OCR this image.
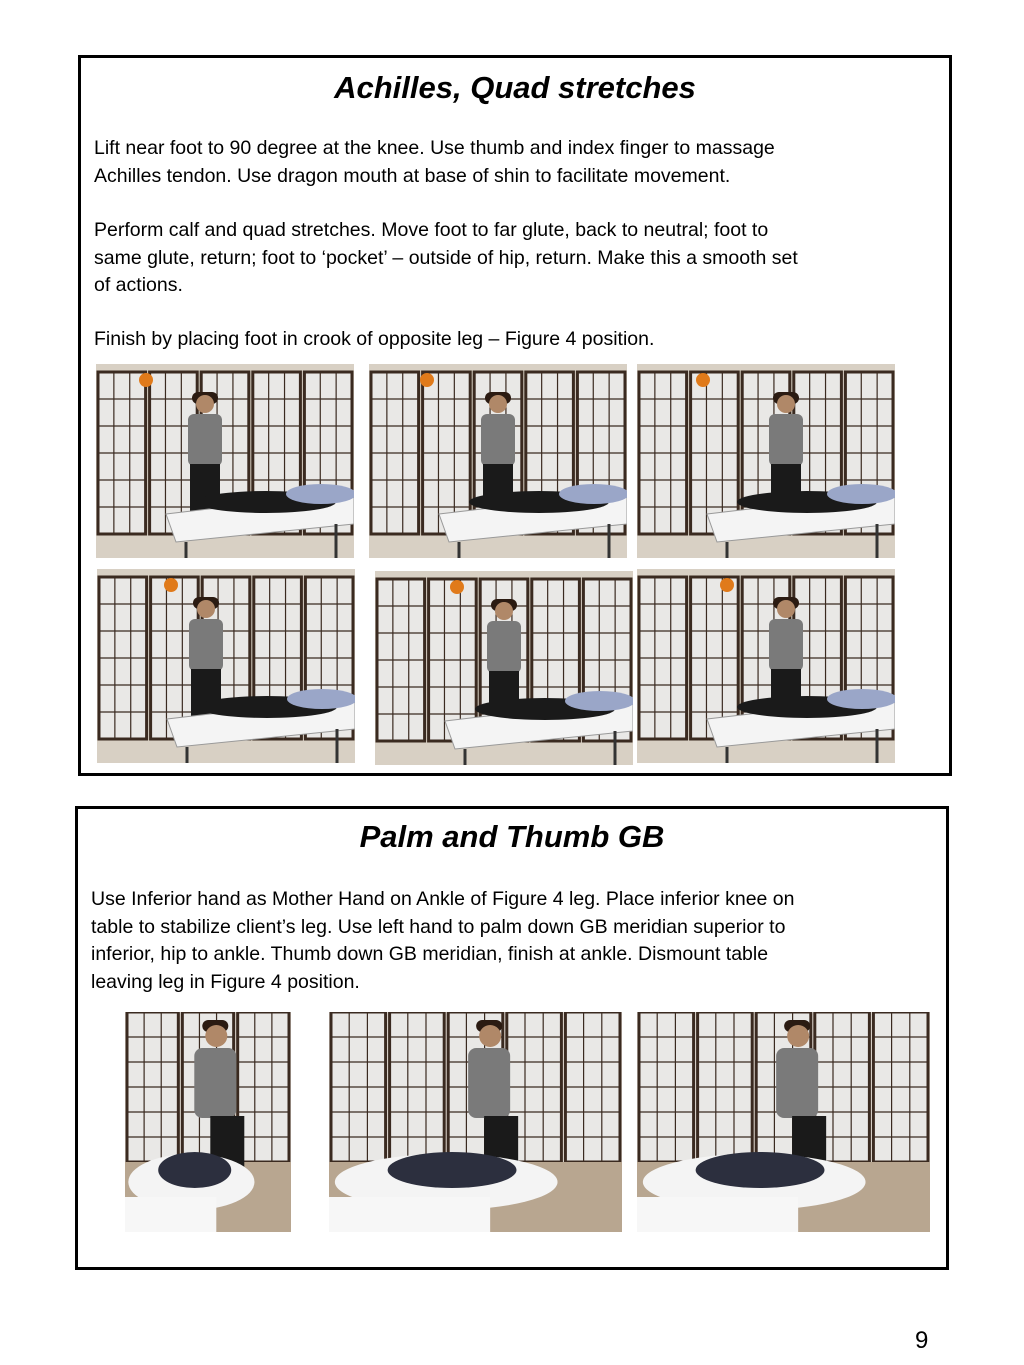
Achilles, Quad stretches

Lift near foot to 90 degree at the knee. Use thumb and index finger to massage
Achilles tendon. Use dragon mouth at base of shin to facilitate movement.

Perform calf and quad stretches. Move foot to far glute, back to neutral; foot to
same glute, return; foot to ‘pocket’ – outside of hip, return. Make this a smooth set
of actions.

Finish by placing foot in crook of opposite leg – Figure 4 position.

Palm and Thumb GB

Use Inferior hand as Mother Hand on Ankle of Figure 4 leg. Place inferior knee on
table to stabilize client’s leg. Use left hand to palm down GB meridian superior to
inferior, hip to ankle. Thumb down GB meridian, finish at ankle. Dismount table
leaving leg in Figure 4 position.

9
